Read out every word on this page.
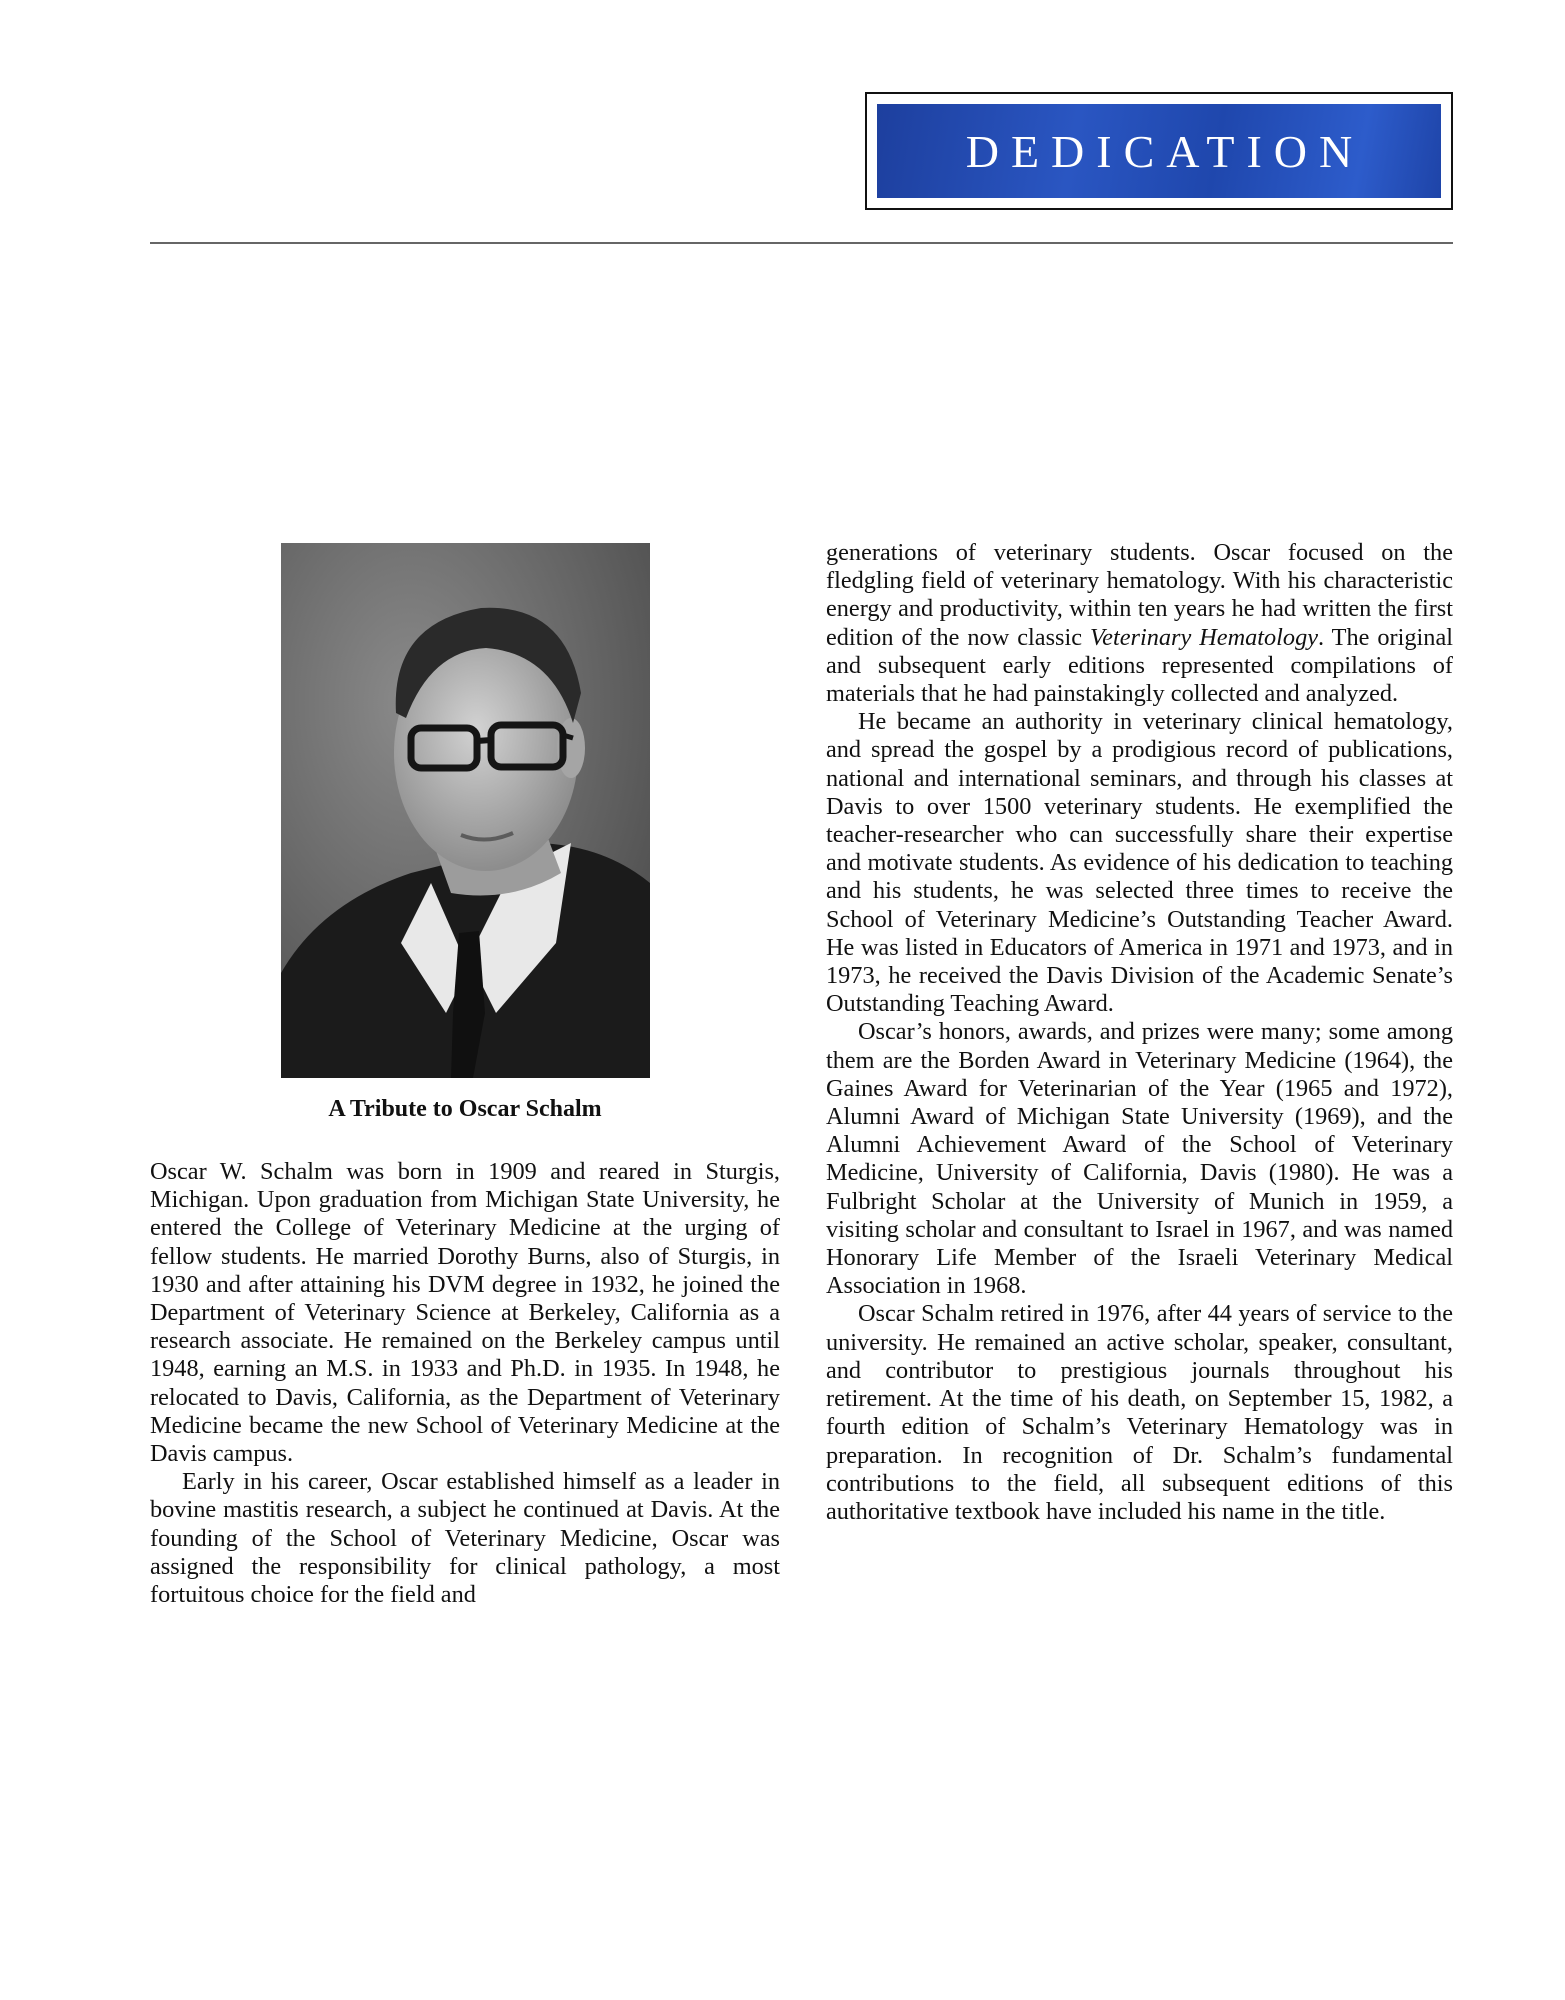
DEDICATION
A Tribute to Oscar Schalm

Oscar W. Schalm was born in 1909 and reared in Sturgis, Michigan. Upon graduation from Michigan State University, he entered the College of Veterinary Medicine at the urging of fellow students. He married Dorothy Burns, also of Sturgis, in 1930 and after attaining his DVM degree in 1932, he joined the Department of Veterinary Science at Berkeley, California as a research associate. He remained on the Berkeley campus until 1948, earning an M.S. in 1933 and Ph.D. in 1935. In 1948, he relocated to Davis, California, as the Department of Veterinary Medicine became the new School of Veterinary Medicine at the Davis campus.

Early in his career, Oscar established himself as a leader in bovine mastitis research, a subject he continued at Davis. At the founding of the School of Veterinary Medicine, Oscar was assigned the responsibility for clinical pathology, a most fortuitous choice for the field and

generations of veterinary students. Oscar focused on the fledgling field of veterinary hematology. With his characteristic energy and productivity, within ten years he had written the first edition of the now classic Veterinary Hematology. The original and subsequent early editions represented compilations of materials that he had painstakingly collected and analyzed.

He became an authority in veterinary clinical hematology, and spread the gospel by a prodigious record of publications, national and international seminars, and through his classes at Davis to over 1500 veterinary students. He exemplified the teacher-researcher who can successfully share their expertise and motivate students. As evidence of his dedication to teaching and his students, he was selected three times to receive the School of Veterinary Medicine’s Outstanding Teacher Award. He was listed in Educators of America in 1971 and 1973, and in 1973, he received the Davis Division of the Academic Senate’s Outstanding Teaching Award.

Oscar’s honors, awards, and prizes were many; some among them are the Borden Award in Veterinary Medicine (1964), the Gaines Award for Veterinarian of the Year (1965 and 1972), Alumni Award of Michigan State University (1969), and the Alumni Achievement Award of the School of Veterinary Medicine, University of California, Davis (1980). He was a Fulbright Scholar at the University of Munich in 1959, a visiting scholar and consultant to Israel in 1967, and was named Honorary Life Member of the Israeli Veterinary Medical Association in 1968.

Oscar Schalm retired in 1976, after 44 years of service to the university. He remained an active scholar, speaker, consultant, and contributor to prestigious journals throughout his retirement. At the time of his death, on September 15, 1982, a fourth edition of Schalm’s Veterinary Hematology was in preparation. In recognition of Dr. Schalm’s fundamental contributions to the field, all subsequent editions of this authoritative textbook have included his name in the title.
